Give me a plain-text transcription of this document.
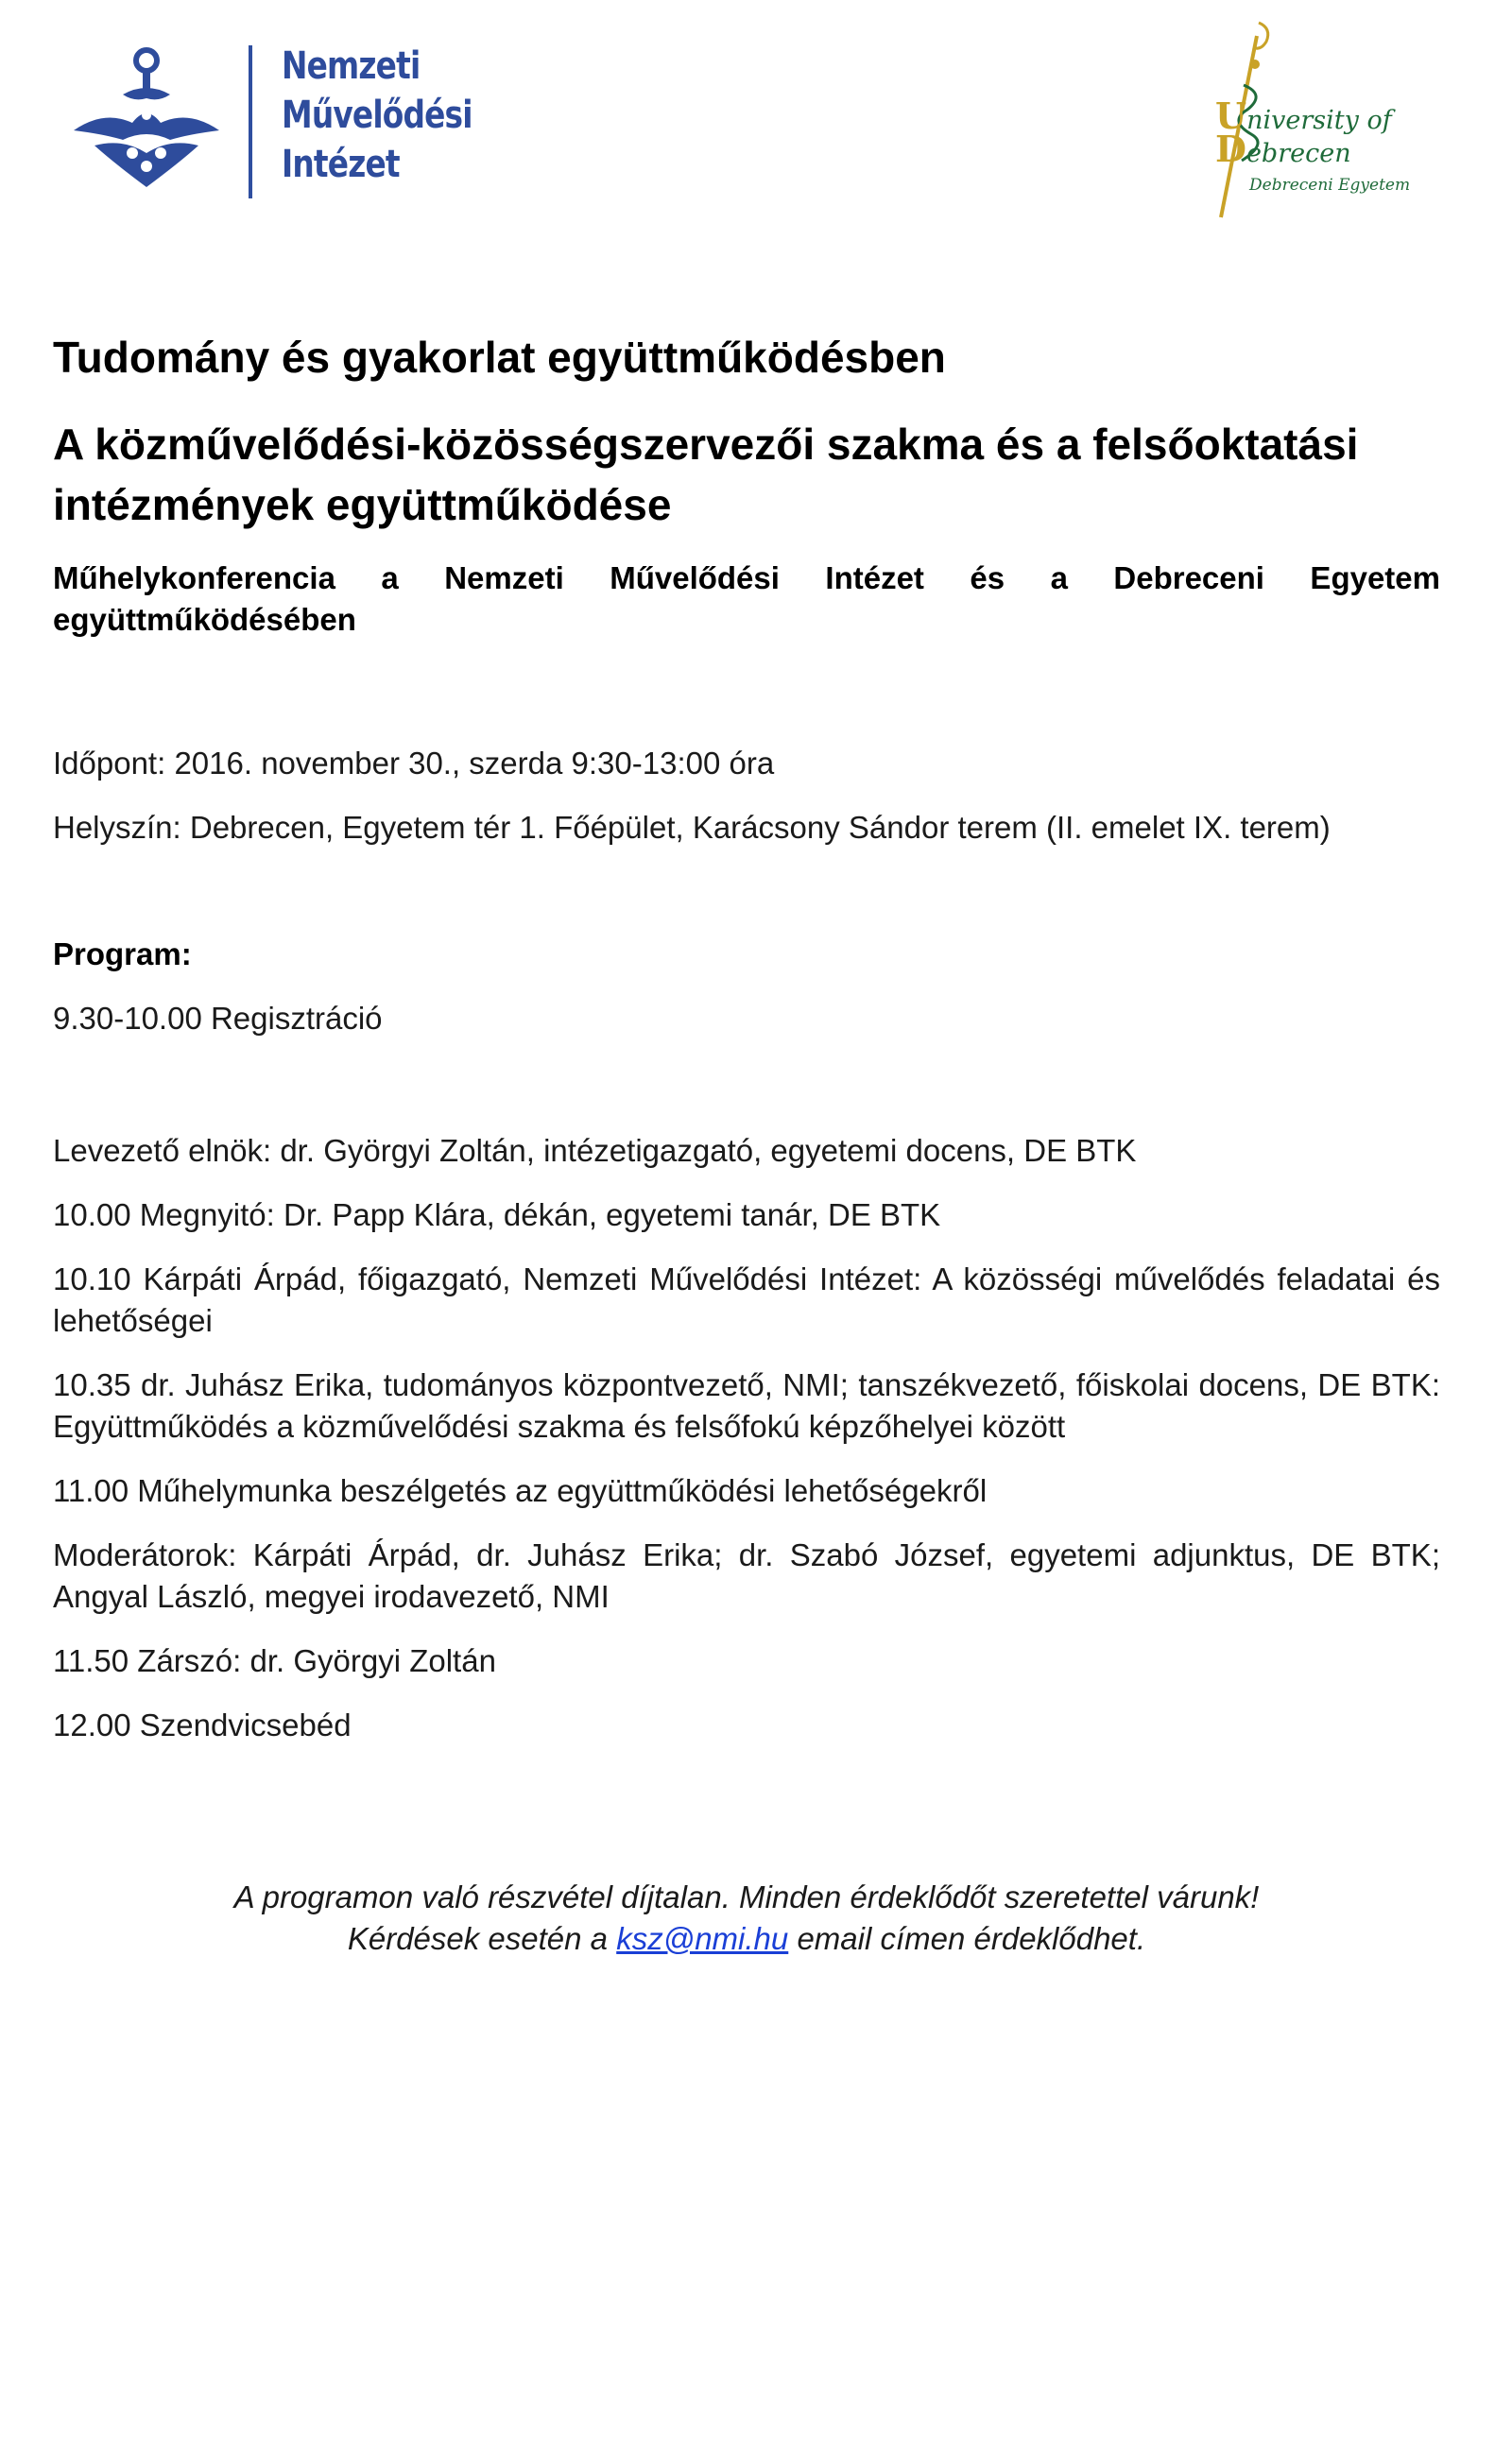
Nemzeti
Művelődési
Intézet

University of
Debrecen
Debreceni Egyetem
Tudomány és gyakorlat együttműködésben
A közművelődési-közösségszervezői szakma és a felsőoktatási intézmények együttműködése

Műhelykonferencia a Nemzeti Művelődési Intézet és a Debreceni Egyetem együttműködésében

Időpont: 2016. november 30., szerda 9:30-13:00 óra

Helyszín: Debrecen, Egyetem tér 1. Főépület, Karácsony Sándor terem (II. emelet IX. terem)

Program:

9.30-10.00 Regisztráció

Levezető elnök: dr. Györgyi Zoltán, intézetigazgató, egyetemi docens, DE BTK

10.00 Megnyitó: Dr. Papp Klára, dékán, egyetemi tanár, DE BTK

10.10 Kárpáti Árpád, főigazgató, Nemzeti Művelődési Intézet: A közösségi művelődés feladatai és lehetőségei

10.35 dr. Juhász Erika, tudományos központvezető, NMI; tanszékvezető, főiskolai docens, DE BTK: Együttműködés a közművelődési szakma és felsőfokú képzőhelyei között

11.00 Műhelymunka beszélgetés az együttműködési lehetőségekről

Moderátorok: Kárpáti Árpád, dr. Juhász Erika; dr. Szabó József, egyetemi adjunktus, DE BTK; Angyal László, megyei irodavezető, NMI

11.50 Zárszó: dr. Györgyi Zoltán

12.00 Szendvicsebéd

A programon való részvétel díjtalan. Minden érdeklődőt szeretettel várunk!
Kérdések esetén a ksz@nmi.hu email címen érdeklődhet.
